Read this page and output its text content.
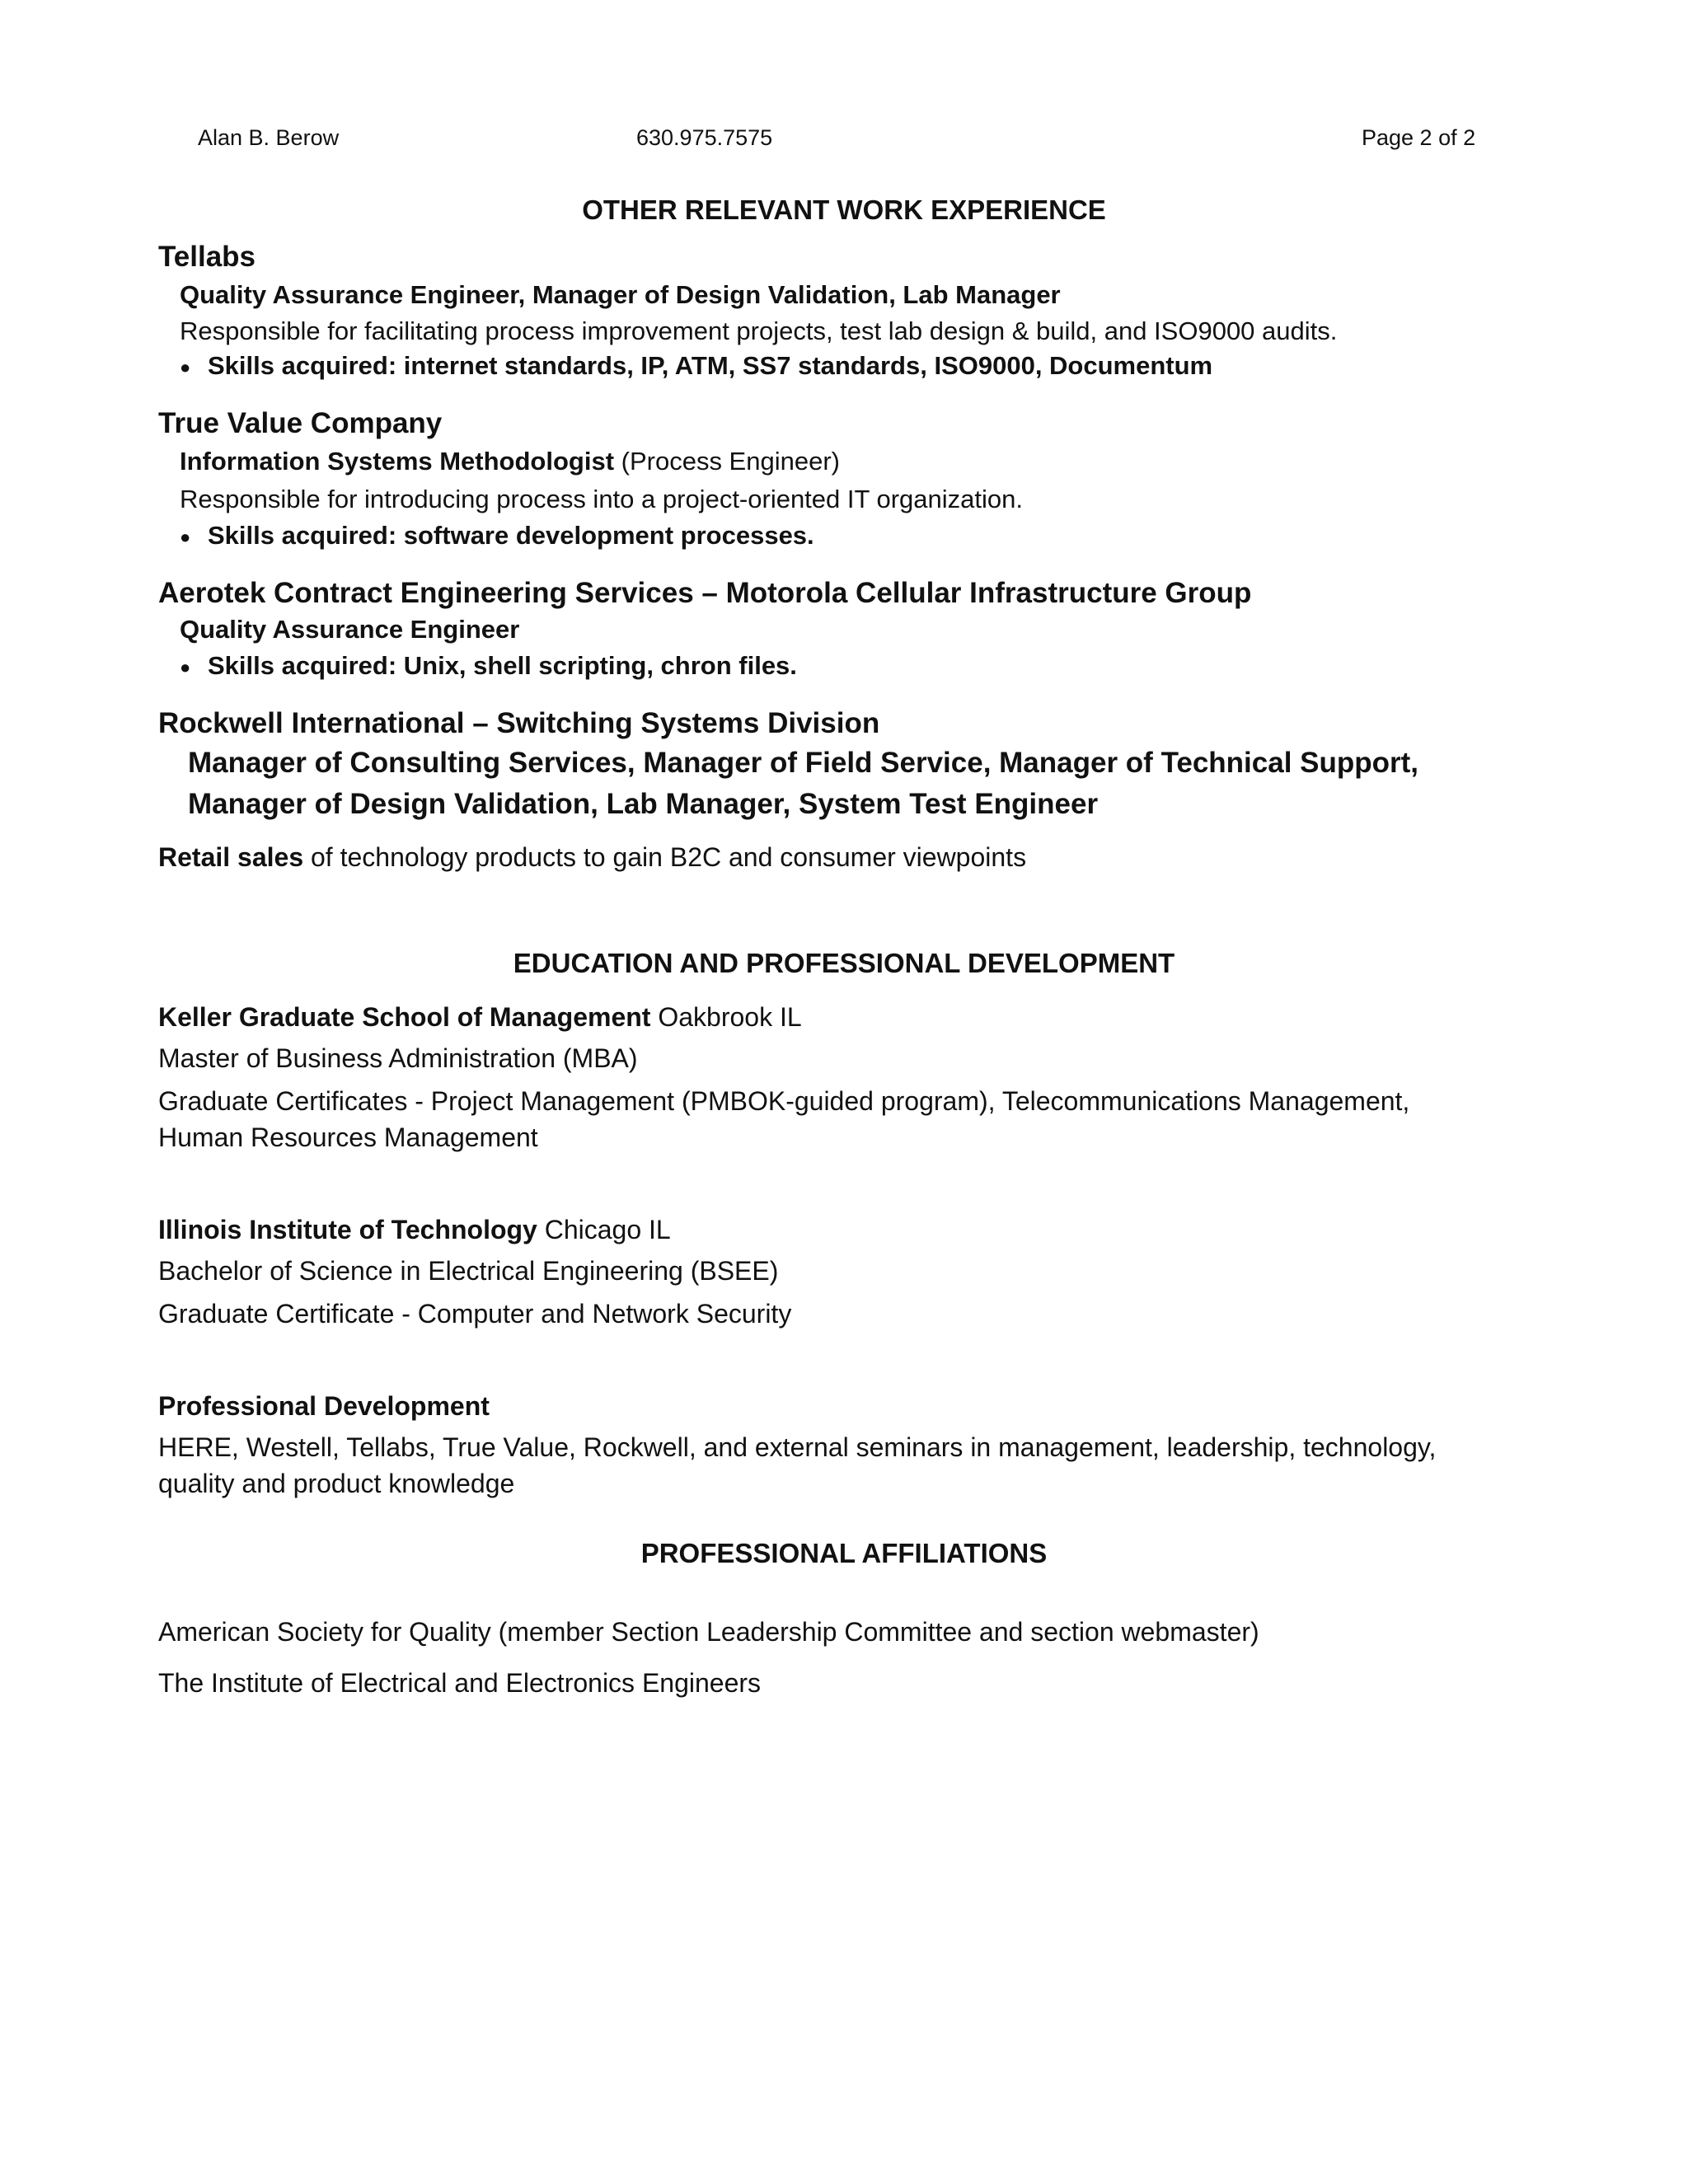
Alan B. Berow	630.975.7575	Page 2 of 2
OTHER RELEVANT WORK EXPERIENCE
Tellabs
Quality Assurance Engineer, Manager of Design Validation, Lab Manager
Responsible for facilitating process improvement projects, test lab design & build, and ISO9000 audits.
● Skills acquired: internet standards, IP, ATM, SS7 standards, ISO9000, Documentum
True Value Company
Information Systems Methodologist (Process Engineer)
Responsible for introducing process into a project-oriented IT organization.
● Skills acquired: software development processes.
Aerotek Contract Engineering Services – Motorola Cellular Infrastructure Group
Quality Assurance Engineer
● Skills acquired: Unix, shell scripting, chron files.
Rockwell International – Switching Systems Division
Manager of Consulting Services, Manager of Field Service, Manager of Technical Support,
Manager of Design Validation, Lab Manager, System Test Engineer
Retail sales of technology products to gain B2C and consumer viewpoints
EDUCATION AND PROFESSIONAL DEVELOPMENT
Keller Graduate School of Management Oakbrook IL
Master of Business Administration (MBA)
Graduate Certificates - Project Management (PMBOK-guided program), Telecommunications Management,
Human Resources Management
Illinois Institute of Technology Chicago IL
Bachelor of Science in Electrical Engineering (BSEE)
Graduate Certificate - Computer and Network Security
Professional Development
HERE, Westell, Tellabs, True Value, Rockwell, and external seminars in management, leadership, technology,
quality and product knowledge
PROFESSIONAL AFFILIATIONS
American Society for Quality (member Section Leadership Committee and section webmaster)
The Institute of Electrical and Electronics Engineers
